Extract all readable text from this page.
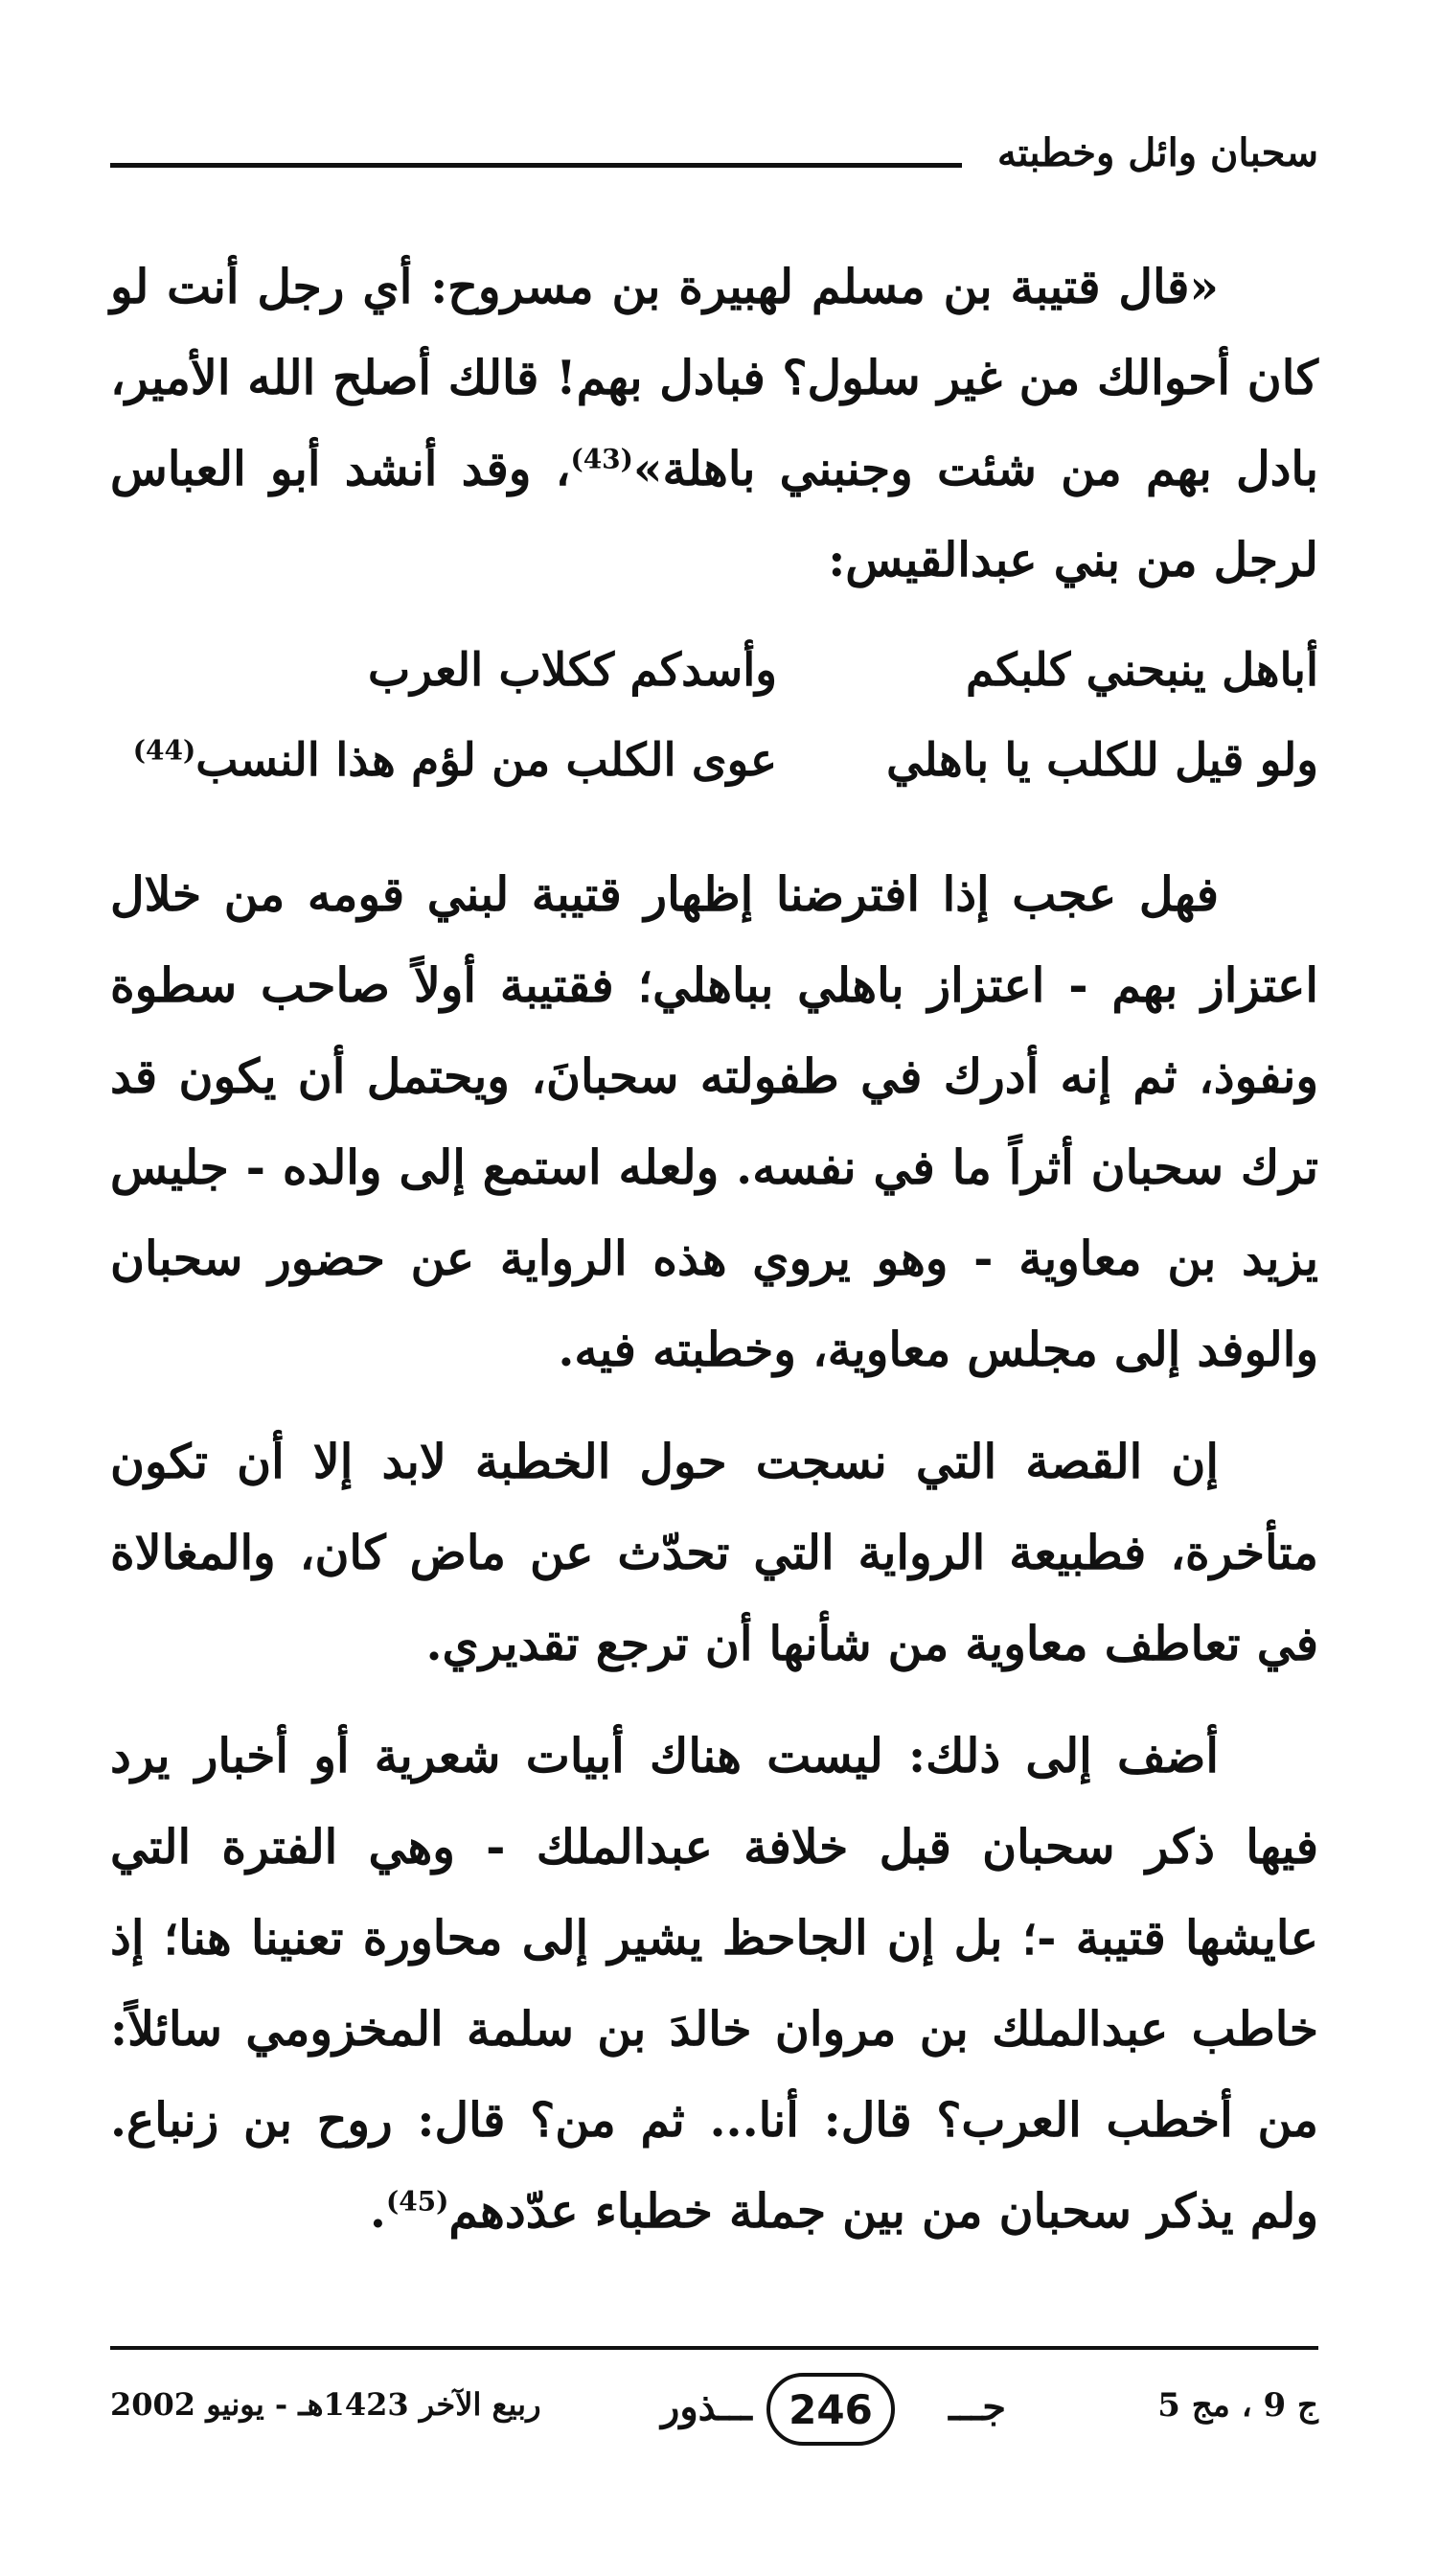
سحبان وائل وخطبته

«قال قتيبة بن مسلم لهبيرة بن مسروح: أي رجل أنت لو كان أحوالك من غير سلول؟ فبادل بهم! قالك أصلح الله الأمير، بادل بهم من شئت وجنبني باهلة»$^{(43)}$، وقد أنشد أبو العباس لرجل من بني عبدالقيس:

أباهل ينبحني كلبكم
وأسدكم ككلاب العرب
ولو قيل للكلب يا باهلي
عوى الكلب من لؤم هذا النسب$^{(44)}$

فهل عجب إذا افترضنا إظهار قتيبة لبني قومه من خلال اعتزاز بهم - اعتزاز باهلي بباهلي؛ فقتيبة أولاً صاحب سطوة ونفوذ، ثم إنه أدرك في طفولته سحبانَ، ويحتمل أن يكون قد ترك سحبان أثراً ما في نفسه. ولعله استمع إلى والده - جليس يزيد بن معاوية - وهو يروي هذه الرواية عن حضور سحبان والوفد إلى مجلس معاوية، وخطبته فيه.

إن القصة التي نسجت حول الخطبة لابد إلا أن تكون متأخرة، فطبيعة الرواية التي تحدّث عن ماض كان، والمغالاة في تعاطف معاوية من شأنها أن ترجع تقديري.

أضف إلى ذلك: ليست هناك أبيات شعرية أو أخبار يرد فيها ذكر سحبان قبل خلافة عبدالملك - وهي الفترة التي عايشها قتيبة -؛ بل إن الجاحظ يشير إلى محاورة تعنينا هنا؛ إذ خاطب عبدالملك بن مروان خالدَ بن سلمة المخزومي سائلاً: من أخطب العرب؟ قال: أنا... ثم من؟ قال: روح بن زنباع. ولم يذكر سحبان من بين جملة خطباء عدّدهم$^{(45)}$.

ج 9 ، مج 5
جـــ
246
ـــذور
ربيع الآخر 1423هـ - يونيو 2002
